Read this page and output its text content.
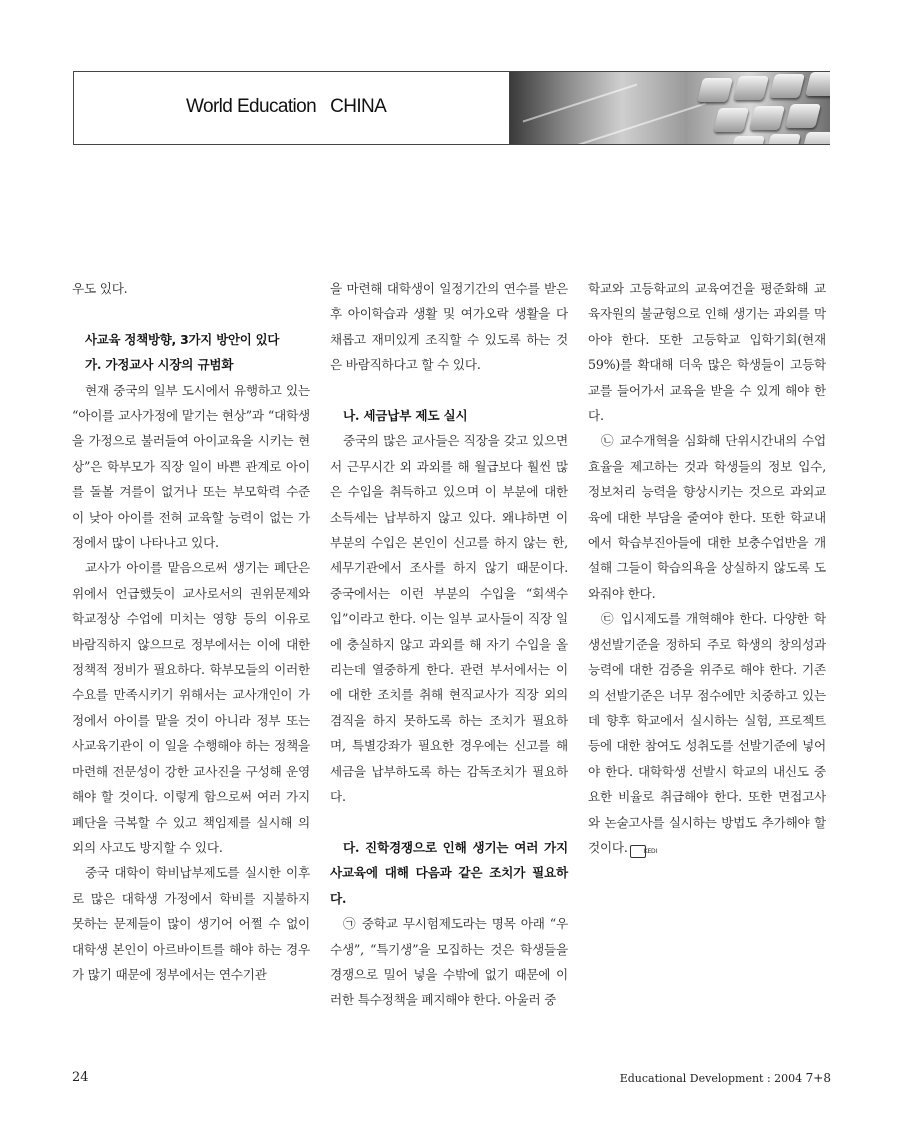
World Education   CHINA

우도 있다.

사교육 정책방향, 3가지 방안이 있다

가. 가정교사 시장의 규범화

현재 중국의 일부 도시에서 유행하고 있는 “아이를 교사가정에 맡기는 현상”과 “대학생을 가정으로 불러들여 아이교육을 시키는 현상”은 학부모가 직장 일이 바쁜 관계로 아이를 돌볼 겨를이 없거나 또는 부모학력 수준이 낮아 아이를 전혀 교육할 능력이 없는 가정에서 많이 나타나고 있다.

교사가 아이를 맡음으로써 생기는 폐단은 위에서 언급했듯이 교사로서의 권위문제와 학교정상 수업에 미치는 영향 등의 이유로 바람직하지 않으므로 정부에서는 이에 대한 정책적 정비가 필요하다. 학부모들의 이러한 수요를 만족시키기 위해서는 교사개인이 가정에서 아이를 맡을 것이 아니라 정부 또는 사교육기관이 이 일을 수행해야 하는 정책을 마련해 전문성이 강한 교사진을 구성해 운영해야 할 것이다. 이렇게 함으로써 여러 가지 폐단을 극복할 수 있고 책임제를 실시해 의외의 사고도 방지할 수 있다.

중국 대학이 학비납부제도를 실시한 이후로 많은 대학생 가정에서 학비를 지불하지 못하는 문제들이 많이 생기어 어쩔 수 없이 대학생 본인이 아르바이트를 해야 하는 경우가 많기 때문에 정부에서는 연수기관

을 마련해 대학생이 일정기간의 연수를 받은 후 아이학습과 생활 및 여가오락 생활을 다채롭고 재미있게 조직할 수 있도록 하는 것은 바람직하다고 할 수 있다.

나. 세금납부 제도 실시

중국의 많은 교사들은 직장을 갖고 있으면서 근무시간 외 과외를 해 월급보다 훨씬 많은 수입을 취득하고 있으며 이 부분에 대한 소득세는 납부하지 않고 있다. 왜냐하면 이 부분의 수입은 본인이 신고를 하지 않는 한, 세무기관에서 조사를 하지 않기 때문이다. 중국에서는 이런 부분의 수입을 “회색수입”이라고 한다. 이는 일부 교사들이 직장 일에 충실하지 않고 과외를 해 자기 수입을 올리는데 열중하게 한다. 관련 부서에서는 이에 대한 조치를 취해 현직교사가 직장 외의 겸직을 하지 못하도록 하는 조치가 필요하며, 특별강좌가 필요한 경우에는 신고를 해 세금을 납부하도록 하는 감독조치가 필요하다.

다. 진학경쟁으로 인해 생기는 여러 가지 사교육에 대해 다음과 같은 조치가 필요하다.

㉠ 중학교 무시험제도라는 명목 아래 “우수생”, “특기생”을 모집하는 것은 학생들을 경쟁으로 밀어 넣을 수밖에 없기 때문에 이러한 특수정책을 폐지해야 한다. 아울러 중

학교와 고등학교의 교육여건을 평준화해 교육자원의 불균형으로 인해 생기는 과외를 막아야 한다. 또한 고등학교 입학기회(현재 59%)를 확대해 더욱 많은 학생들이 고등학교를 들어가서 교육을 받을 수 있게 해야 한다.

㉡ 교수개혁을 심화해 단위시간내의 수업효율을 제고하는 것과 학생들의 정보 입수, 정보처리 능력을 향상시키는 것으로 과외교육에 대한 부담을 줄여야 한다. 또한 학교내에서 학습부진아들에 대한 보충수업반을 개설해 그들이 학습의욕을 상실하지 않도록 도와줘야 한다.

㉢ 입시제도를 개혁해야 한다. 다양한 학생선발기준을 정하되 주로 학생의 창의성과 능력에 대한 검증을 위주로 해야 한다. 기존의 선발기준은 너무 점수에만 치중하고 있는데 향후 학교에서 실시하는 실험, 프로젝트 등에 대한 참여도 성취도를 선발기준에 넣어야 한다. 대학학생 선발시 학교의 내신도 중요한 비율로 취급해야 한다. 또한 면접고사와 논술고사를 실시하는 방법도 추가해야 할 것이다.	KEDI

24	Educational Development : 2004 7+8
